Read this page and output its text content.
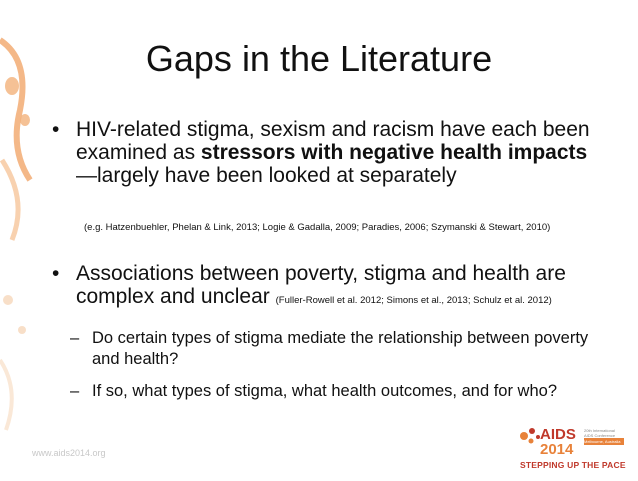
Gaps in the Literature
• HIV-related stigma, sexism and racism have each been examined as stressors with negative health impacts—largely have been looked at separately
(e.g. Hatzenbuehler, Phelan & Link, 2013; Logie & Gadalla, 2009; Paradies, 2006; Szymanski & Stewart, 2010)
• Associations between poverty, stigma and health are complex and unclear (Fuller-Rowell et al. 2012; Simons et al., 2013; Schulz et al. 2012)
– Do certain types of stigma mediate the relationship between poverty and health?
– If so, what types of stigma, what health outcomes, and for who?
www.aids2014.org
AIDS
2014
20th International
AIDS Conference
Melbourne, Australia
STEPPING UP THE PACE
